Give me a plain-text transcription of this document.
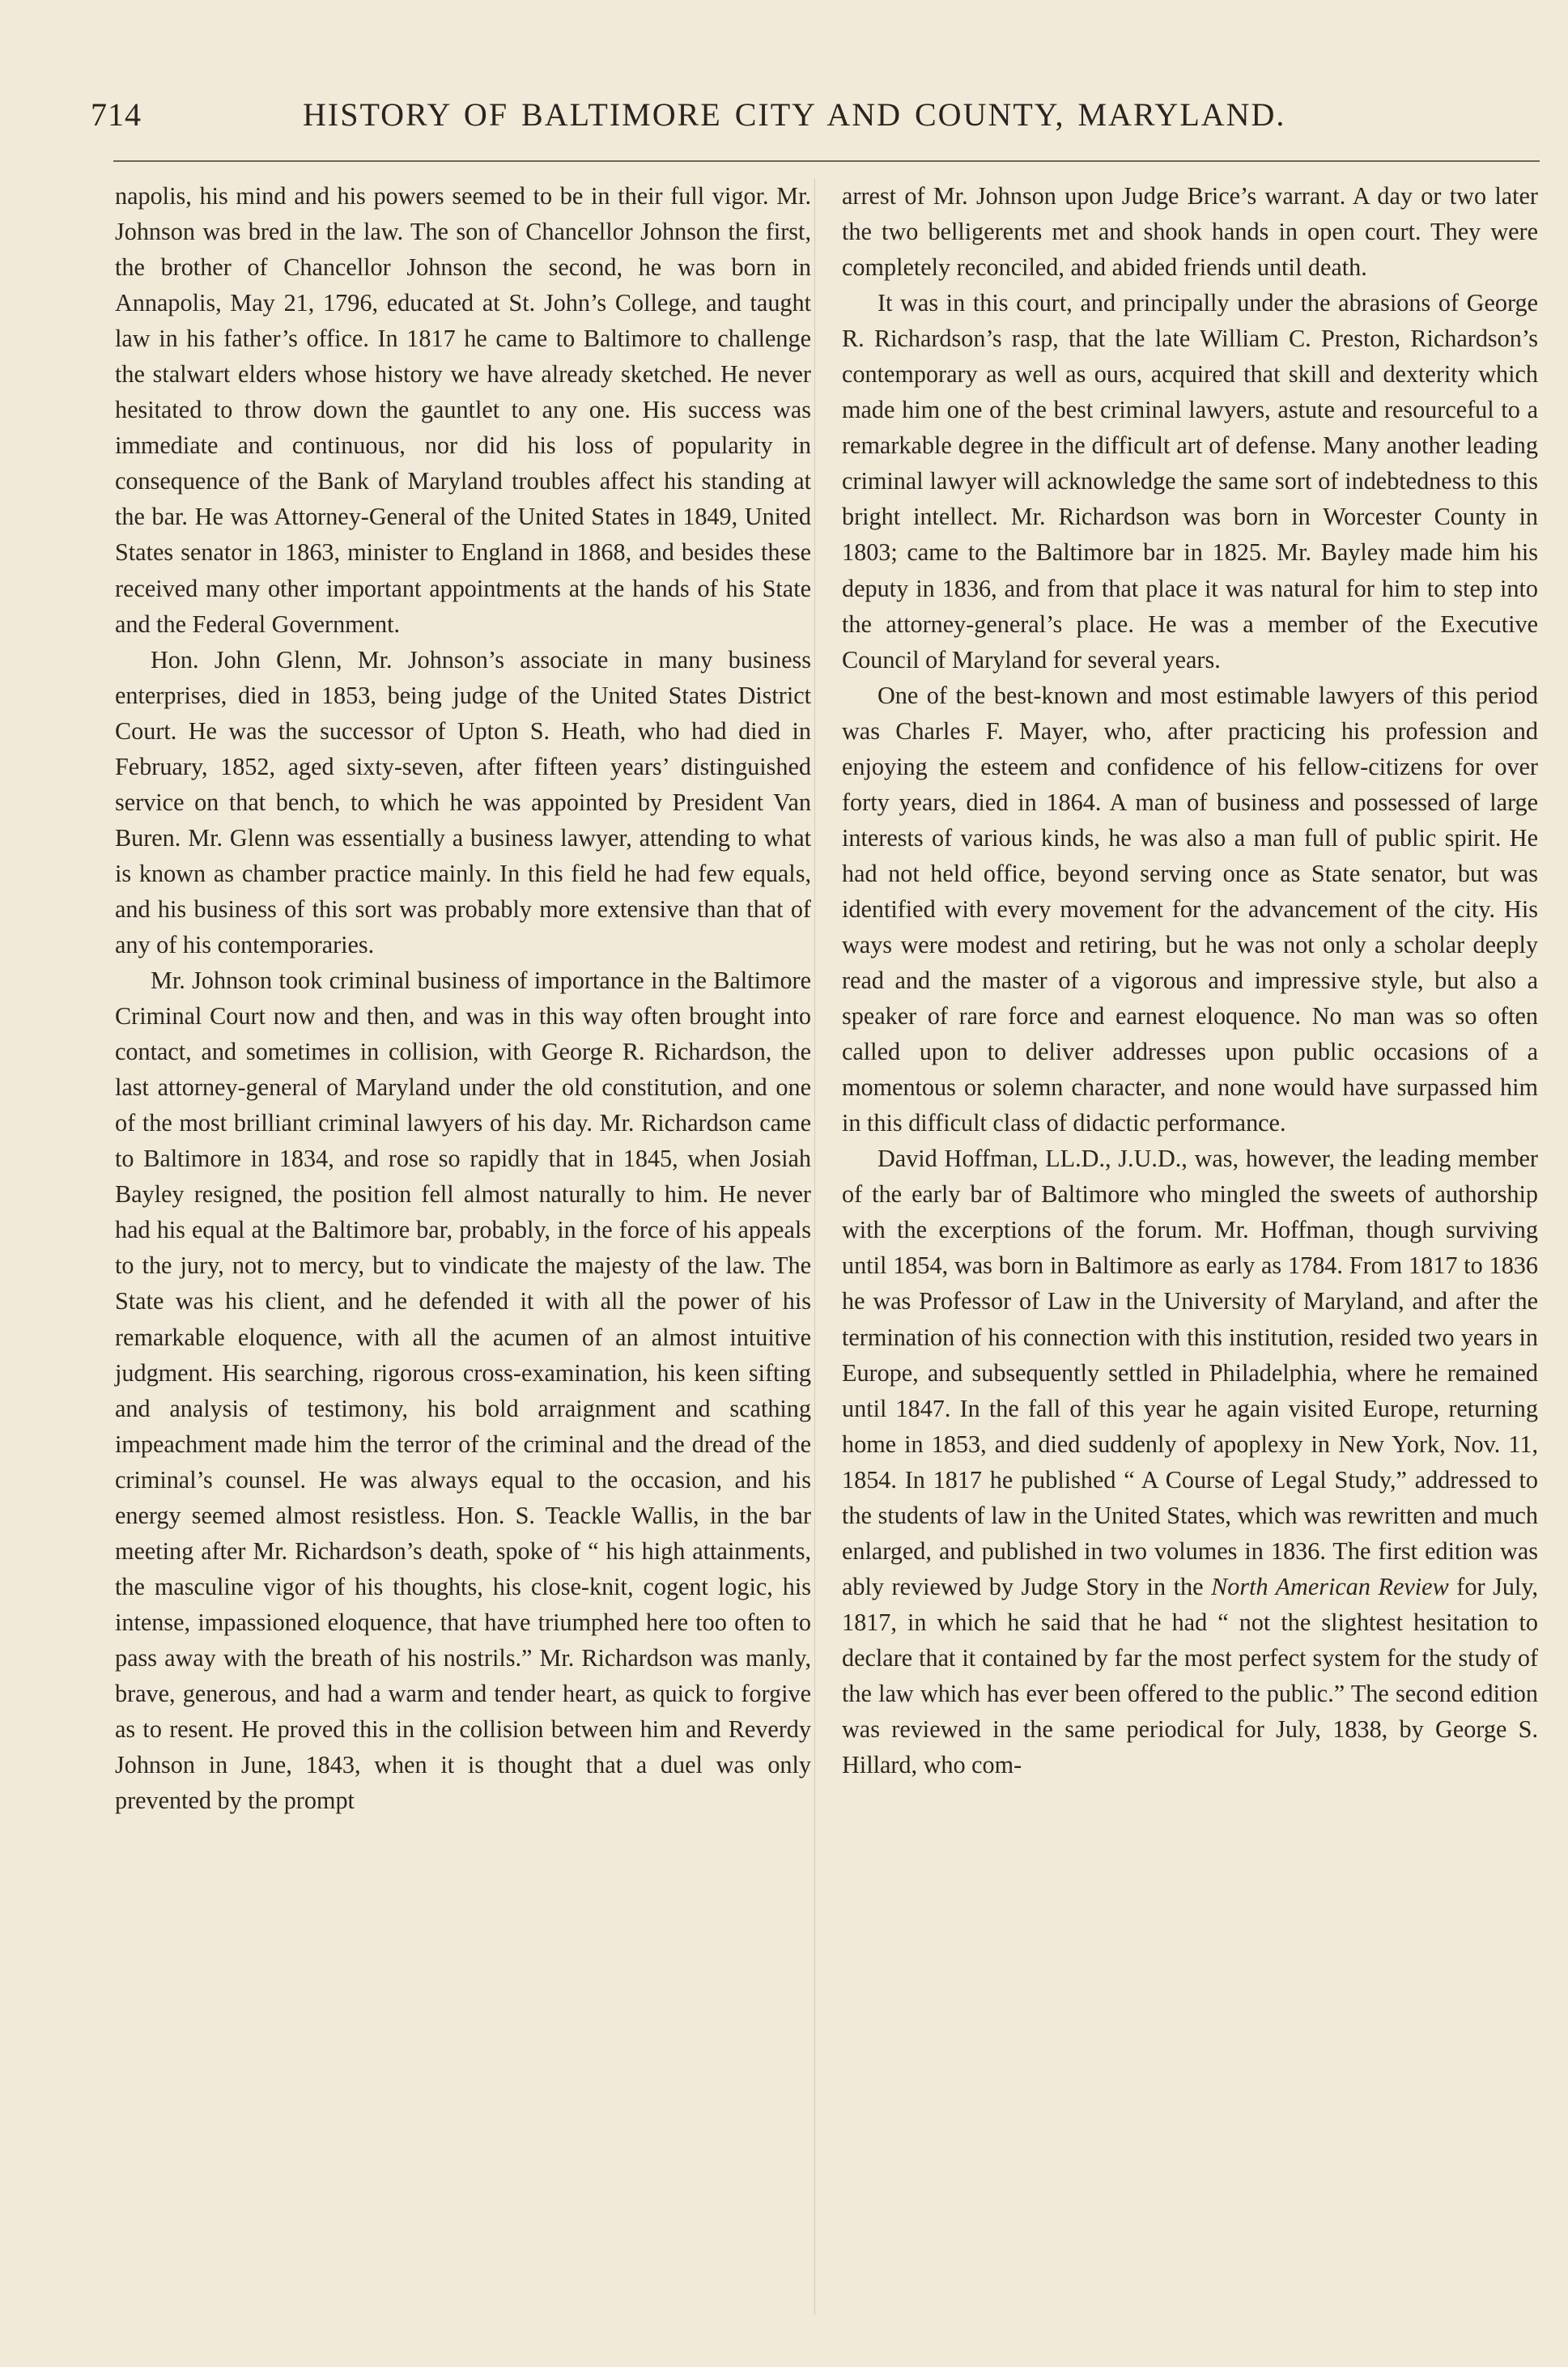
714	HISTORY OF BALTIMORE CITY AND COUNTY, MARYLAND.

napolis, his mind and his powers seemed to be in their full vigor. Mr. Johnson was bred in the law. The son of Chancellor Johnson the first, the brother of Chancellor Johnson the second, he was born in Annapolis, May 21, 1796, educated at St. John’s College, and taught law in his father’s office. In 1817 he came to Baltimore to challenge the stalwart elders whose history we have already sketched. He never hesitated to throw down the gauntlet to any one. His success was immediate and continuous, nor did his loss of popularity in consequence of the Bank of Maryland troubles affect his standing at the bar. He was Attorney-General of the United States in 1849, United States senator in 1863, minister to England in 1868, and besides these received many other important appointments at the hands of his State and the Federal Government.

Hon. John Glenn, Mr. Johnson’s associate in many business enterprises, died in 1853, being judge of the United States District Court. He was the successor of Upton S. Heath, who had died in February, 1852, aged sixty-seven, after fifteen years’ distinguished service on that bench, to which he was appointed by President Van Buren. Mr. Glenn was essentially a business lawyer, attending to what is known as chamber practice mainly. In this field he had few equals, and his business of this sort was probably more extensive than that of any of his contemporaries.

Mr. Johnson took criminal business of importance in the Baltimore Criminal Court now and then, and was in this way often brought into contact, and sometimes in collision, with George R. Richardson, the last attorney-general of Maryland under the old constitution, and one of the most brilliant criminal lawyers of his day. Mr. Richardson came to Baltimore in 1834, and rose so rapidly that in 1845, when Josiah Bayley resigned, the position fell almost naturally to him. He never had his equal at the Baltimore bar, probably, in the force of his appeals to the jury, not to mercy, but to vindicate the majesty of the law. The State was his client, and he defended it with all the power of his remarkable eloquence, with all the acumen of an almost intuitive judgment. His searching, rigorous cross-examination, his keen sifting and analysis of testimony, his bold arraignment and scathing impeachment made him the terror of the criminal and the dread of the criminal’s counsel. He was always equal to the occasion, and his energy seemed almost resistless. Hon. S. Teackle Wallis, in the bar meeting after Mr. Richardson’s death, spoke of “ his high attainments, the masculine vigor of his thoughts, his close-knit, cogent logic, his intense, impassioned eloquence, that have triumphed here too often to pass away with the breath of his nostrils.” Mr. Richardson was manly, brave, generous, and had a warm and tender heart, as quick to forgive as to resent. He proved this in the collision between him and Reverdy Johnson in June, 1843, when it is thought that a duel was only prevented by the prompt

arrest of Mr. Johnson upon Judge Brice’s warrant. A day or two later the two belligerents met and shook hands in open court. They were completely reconciled, and abided friends until death.

It was in this court, and principally under the abrasions of George R. Richardson’s rasp, that the late William C. Preston, Richardson’s contemporary as well as ours, acquired that skill and dexterity which made him one of the best criminal lawyers, astute and resourceful to a remarkable degree in the difficult art of defense. Many another leading criminal lawyer will acknowledge the same sort of indebtedness to this bright intellect. Mr. Richardson was born in Worcester County in 1803; came to the Baltimore bar in 1825. Mr. Bayley made him his deputy in 1836, and from that place it was natural for him to step into the attorney-general’s place. He was a member of the Executive Council of Maryland for several years.

One of the best-known and most estimable lawyers of this period was Charles F. Mayer, who, after practicing his profession and enjoying the esteem and confidence of his fellow-citizens for over forty years, died in 1864. A man of business and possessed of large interests of various kinds, he was also a man full of public spirit. He had not held office, beyond serving once as State senator, but was identified with every movement for the advancement of the city. His ways were modest and retiring, but he was not only a scholar deeply read and the master of a vigorous and impressive style, but also a speaker of rare force and earnest eloquence. No man was so often called upon to deliver addresses upon public occasions of a momentous or solemn character, and none would have surpassed him in this difficult class of didactic performance.

David Hoffman, LL.D., J.U.D., was, however, the leading member of the early bar of Baltimore who mingled the sweets of authorship with the excerptions of the forum. Mr. Hoffman, though surviving until 1854, was born in Baltimore as early as 1784. From 1817 to 1836 he was Professor of Law in the University of Maryland, and after the termination of his connection with this institution, resided two years in Europe, and subsequently settled in Philadelphia, where he remained until 1847. In the fall of this year he again visited Europe, returning home in 1853, and died suddenly of apoplexy in New York, Nov. 11, 1854. In 1817 he published “ A Course of Legal Study,” addressed to the students of law in the United States, which was rewritten and much enlarged, and published in two volumes in 1836. The first edition was ably reviewed by Judge Story in the North American Review for July, 1817, in which he said that he had “ not the slightest hesitation to declare that it contained by far the most perfect system for the study of the law which has ever been offered to the public.” The second edition was reviewed in the same periodical for July, 1838, by George S. Hillard, who com-
